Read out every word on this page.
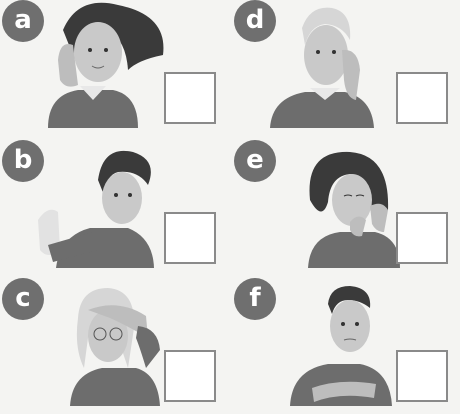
a	d
b	e
c	f
